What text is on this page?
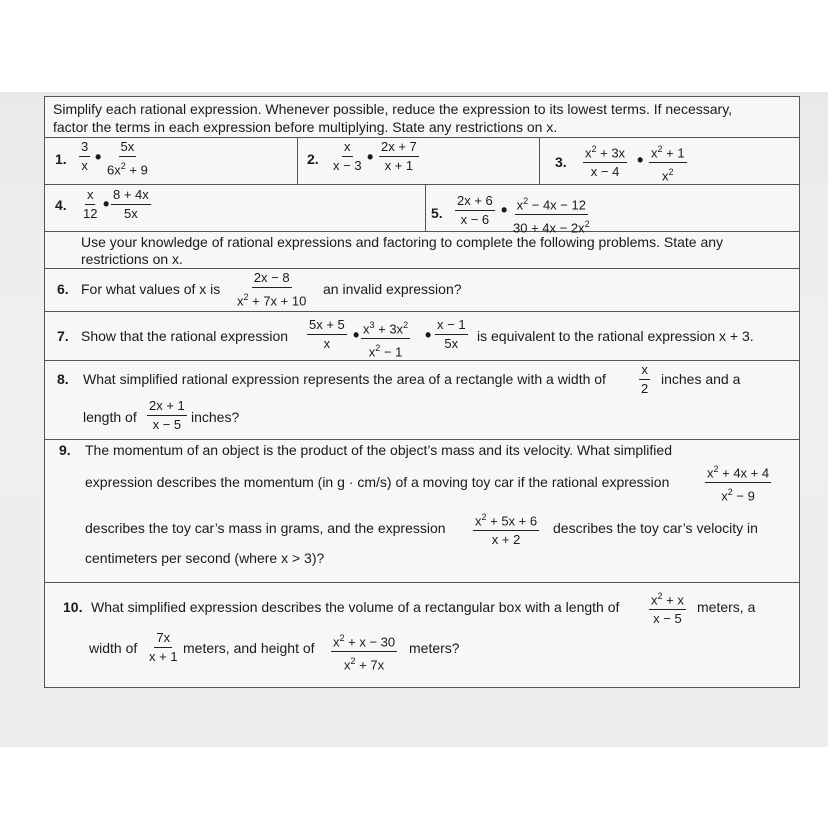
Simplify each rational expression. Whenever possible, reduce the expression to its lowest terms. If necessary,
factor the terms in each expression before multiplying. State any restrictions on x.
1. $\frac{3}{x}$ • $\frac{5x}{6x^2 + 9}$	2. $\frac{x}{x - 3}$ • $\frac{2x + 7}{x + 1}$	3. $\frac{x^2 + 3x}{x - 4}$ • $\frac{x^2 + 1}{x^2}$
4. $\frac{x}{12}$ • $\frac{8 + 4x}{5x}$	5. $\frac{2x + 6}{x - 6}$ • $\frac{x^2 - 4x - 12}{30 + 4x - 2x^2}$
Use your knowledge of rational expressions and factoring to complete the following problems. State any
restrictions on x.
6. For what values of x is $\frac{2x - 8}{x^2 + 7x + 10}$ an invalid expression?
7. Show that the rational expression $\frac{5x + 5}{x}$ • $\frac{x^3 + 3x^2}{x^2 - 1}$ • $\frac{x - 1}{5x}$ is equivalent to the rational expression x + 3.
8. What simplified rational expression represents the area of a rectangle with a width of	$\frac{x}{2}$ inches and a
length of $\frac{2x + 1}{x - 5}$ inches?
9. The momentum of an object is the product of the object’s mass and its velocity. What simplified
expression describes the momentum (in g · cm/s) of a moving toy car if the rational expression	$\frac{x^2 + 4x + 4}{x^2 - 9}$
describes the toy car’s mass in grams, and the expression $\frac{x^2 + 5x + 6}{x + 2}$ describes the toy car’s velocity in
centimeters per second (where x > 3)?
10. What simplified expression describes the volume of a rectangular box with a length of $\frac{x^2 + x}{x - 5}$ meters, a
width of $\frac{7x}{x + 1}$ meters, and height of $\frac{x^2 + x - 30}{x^2 + 7x}$ meters?
